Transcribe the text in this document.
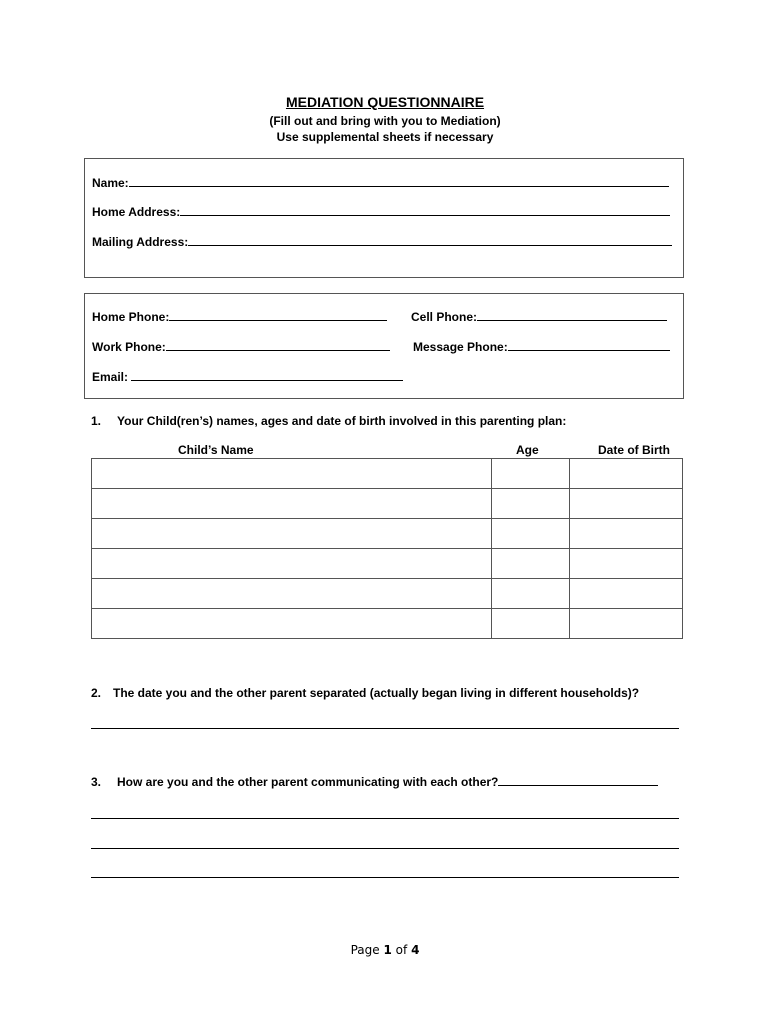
MEDIATION QUESTIONNAIRE
(Fill out and bring with you to Mediation)
Use supplemental sheets if necessary
Name:
Home Address:
Mailing Address:
Home Phone:	Cell Phone:
Work Phone:	Message Phone:
Email:
1. Your Child(ren’s) names, ages and date of birth involved in this parenting plan:
Child’s Name	Age	Date of Birth

2. The date you and the other parent separated (actually began living in different households)?
3. How are you and the other parent communicating with each other?
Page 1 of 4
